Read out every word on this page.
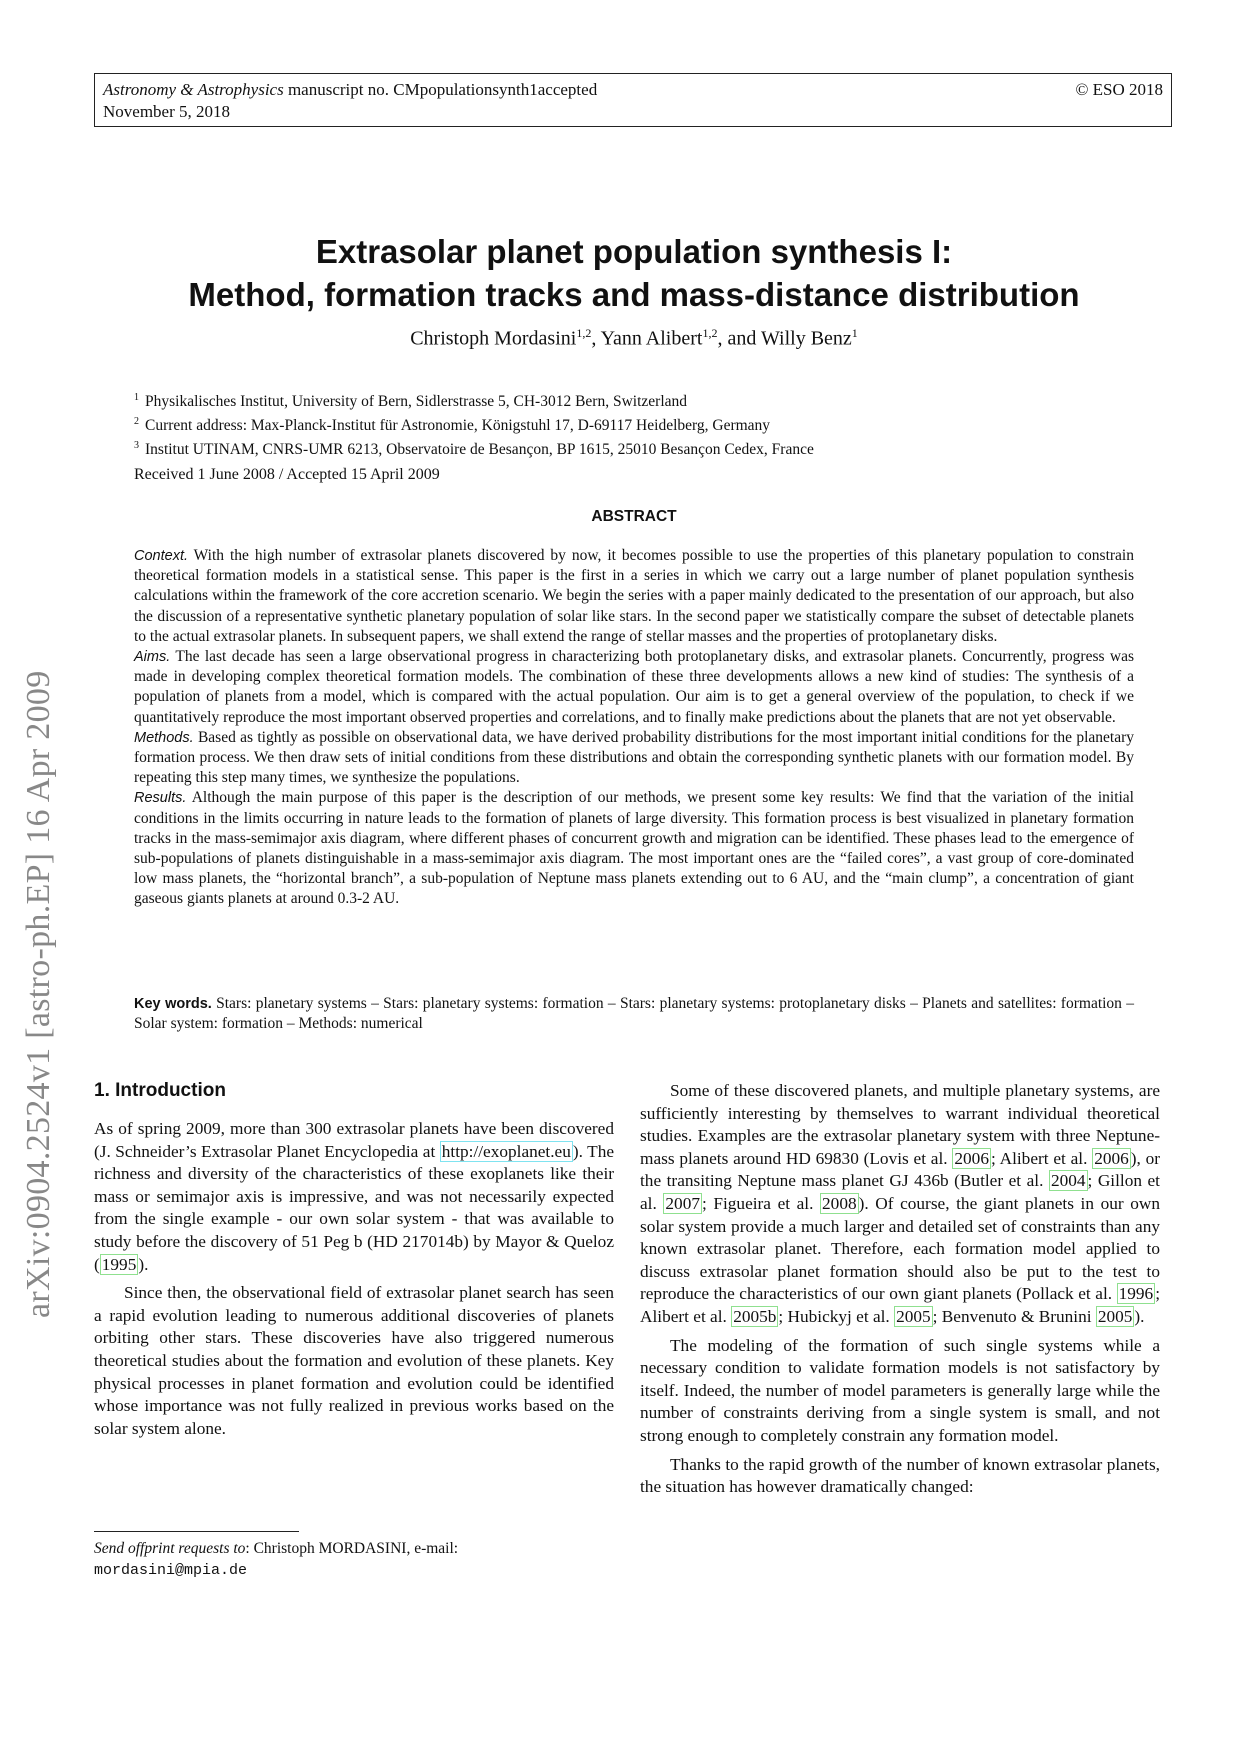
Astronomy & Astrophysics manuscript no. CMpopulationsynth1accepted
November 5, 2018
© ESO 2018
arXiv:0904.2524v1 [astro-ph.EP] 16 Apr 2009
Extrasolar planet population synthesis I:
Method, formation tracks and mass-distance distribution
Christoph Mordasini$^{1,2}$, Yann Alibert$^{1,2}$, and Willy Benz$^1$
$^1$ Physikalisches Institut, University of Bern, Sidlerstrasse 5, CH-3012 Bern, Switzerland
$^2$ Current address: Max-Planck-Institut für Astronomie, Königstuhl 17, D-69117 Heidelberg, Germany
$^3$ Institut UTINAM, CNRS-UMR 6213, Observatoire de Besançon, BP 1615, 25010 Besançon Cedex, France
Received 1 June 2008 / Accepted 15 April 2009
ABSTRACT

Context. With the high number of extrasolar planets discovered by now, it becomes possible to use the properties of this planetary population to constrain theoretical formation models in a statistical sense. This paper is the first in a series in which we carry out a large number of planet population synthesis calculations within the framework of the core accretion scenario. We begin the series with a paper mainly dedicated to the presentation of our approach, but also the discussion of a representative synthetic planetary population of solar like stars. In the second paper we statistically compare the subset of detectable planets to the actual extrasolar planets. In subsequent papers, we shall extend the range of stellar masses and the properties of protoplanetary disks.

Aims. The last decade has seen a large observational progress in characterizing both protoplanetary disks, and extrasolar planets. Concurrently, progress was made in developing complex theoretical formation models. The combination of these three developments allows a new kind of studies: The synthesis of a population of planets from a model, which is compared with the actual population. Our aim is to get a general overview of the population, to check if we quantitatively reproduce the most important observed properties and correlations, and to finally make predictions about the planets that are not yet observable.

Methods. Based as tightly as possible on observational data, we have derived probability distributions for the most important initial conditions for the planetary formation process. We then draw sets of initial conditions from these distributions and obtain the corresponding synthetic planets with our formation model. By repeating this step many times, we synthesize the populations.

Results. Although the main purpose of this paper is the description of our methods, we present some key results: We find that the variation of the initial conditions in the limits occurring in nature leads to the formation of planets of large diversity. This formation process is best visualized in planetary formation tracks in the mass-semimajor axis diagram, where different phases of concurrent growth and migration can be identified. These phases lead to the emergence of sub-populations of planets distinguishable in a mass-semimajor axis diagram. The most important ones are the “failed cores”, a vast group of core-dominated low mass planets, the “horizontal branch”, a sub-population of Neptune mass planets extending out to 6 AU, and the “main clump”, a concentration of giant gaseous giants planets at around 0.3-2 AU.

Key words. Stars: planetary systems – Stars: planetary systems: formation – Stars: planetary systems: protoplanetary disks – Planets and satellites: formation – Solar system: formation – Methods: numerical
1. Introduction

As of spring 2009, more than 300 extrasolar planets have been discovered (J. Schneider’s Extrasolar Planet Encyclopedia at http://exoplanet.eu ). The richness and diversity of the characteristics of these exoplanets like their mass or semimajor axis is impressive, and was not necessarily expected from the single example - our own solar system - that was available to study before the discovery of 51 Peg b (HD 217014b) by Mayor & Queloz ( 1995 ).

Since then, the observational field of extrasolar planet search has seen a rapid evolution leading to numerous additional discoveries of planets orbiting other stars. These discoveries have also triggered numerous theoretical studies about the formation and evolution of these planets. Key physical processes in planet formation and evolution could be identified whose importance was not fully realized in previous works based on the solar system alone.

Some of these discovered planets, and multiple planetary systems, are sufficiently interesting by themselves to warrant individual theoretical studies. Examples are the extrasolar planetary system with three Neptune-mass planets around HD 69830 (Lovis et al. 2006 ; Alibert et al. 2006 ), or the transiting Neptune mass planet GJ 436b (Butler et al. 2004 ; Gillon et al. 2007 ; Figueira et al. 2008 ). Of course, the giant planets in our own solar system provide a much larger and detailed set of constraints than any known extrasolar planet. Therefore, each formation model applied to discuss extrasolar planet formation should also be put to the test to reproduce the characteristics of our own giant planets (Pollack et al. 1996 ; Alibert et al. 2005b ; Hubickyj et al. 2005 ; Benvenuto & Brunini 2005 ).

The modeling of the formation of such single systems while a necessary condition to validate formation models is not satisfactory by itself. Indeed, the number of model parameters is generally large while the number of constraints deriving from a single system is small, and not strong enough to completely constrain any formation model.

Thanks to the rapid growth of the number of known extrasolar planets, the situation has however dramatically changed:

Send offprint requests to: Christoph MORDASINI, e-mail:
mordasini@mpia.de
